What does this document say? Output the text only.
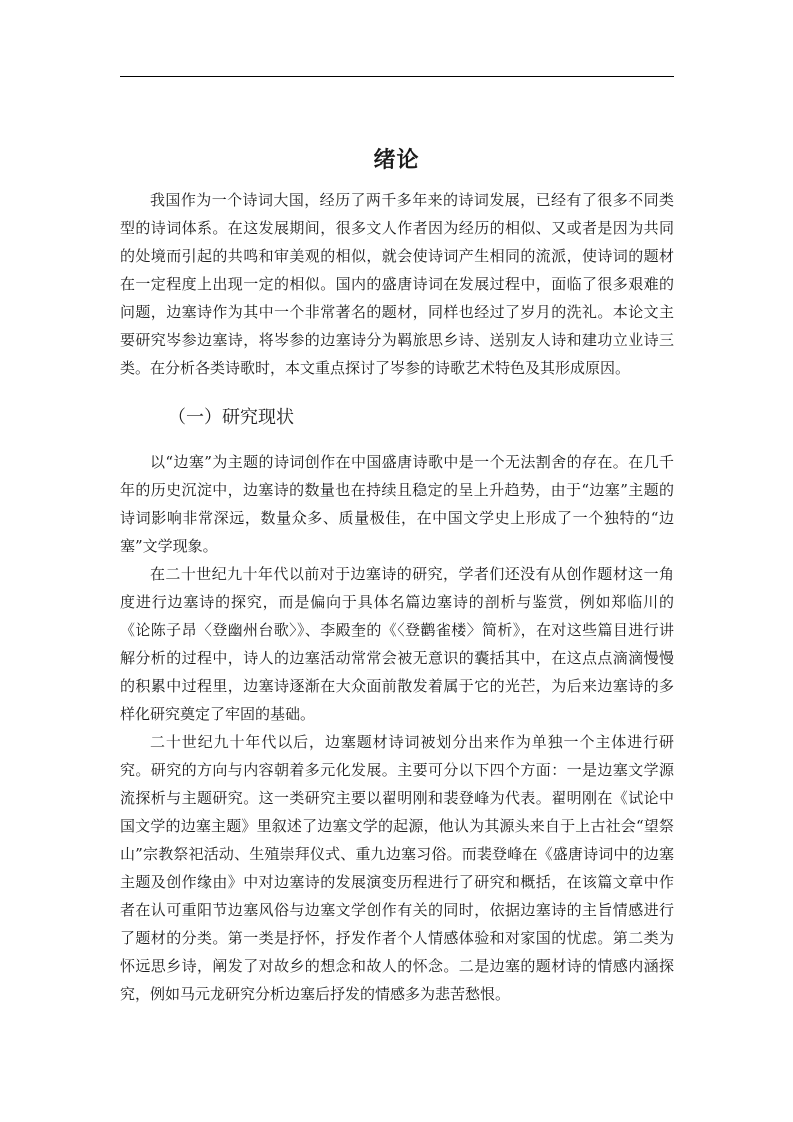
绪论

我国作为一个诗词大国，经历了两千多年来的诗词发展，已经有了很多不同类型的诗词体系。在这发展期间，很多文人作者因为经历的相似、又或者是因为共同的处境而引起的共鸣和审美观的相似，就会使诗词产生相同的流派，使诗词的题材在一定程度上出现一定的相似。国内的盛唐诗词在发展过程中，面临了很多艰难的问题，边塞诗作为其中一个非常著名的题材，同样也经过了岁月的洗礼。本论文主要研究岑参边塞诗，将岑参的边塞诗分为羁旅思乡诗、送别友人诗和建功立业诗三类。在分析各类诗歌时，本文重点探讨了岑参的诗歌艺术特色及其形成原因。

（一）研究现状

以“边塞”为主题的诗词创作在中国盛唐诗歌中是一个无法割舍的存在。在几千年的历史沉淀中，边塞诗的数量也在持续且稳定的呈上升趋势，由于“边塞”主题的诗词影响非常深远，数量众多、质量极佳，在中国文学史上形成了一个独特的“边塞”文学现象。

在二十世纪九十年代以前对于边塞诗的研究，学者们还没有从创作题材这一角度进行边塞诗的探究，而是偏向于具体名篇边塞诗的剖析与鉴赏，例如郑临川的《论陈子昂〈登幽州台歌〉》、李殿奎的《〈登鹳雀楼〉简析》，在对这些篇目进行讲解分析的过程中，诗人的边塞活动常常会被无意识的囊括其中，在这点点滴滴慢慢的积累中过程里，边塞诗逐渐在大众面前散发着属于它的光芒，为后来边塞诗的多样化研究奠定了牢固的基础。

二十世纪九十年代以后，边塞题材诗词被划分出来作为单独一个主体进行研究。研究的方向与内容朝着多元化发展。主要可分以下四个方面：一是边塞文学源流探析与主题研究。这一类研究主要以翟明刚和裴登峰为代表。翟明刚在《试论中国文学的边塞主题》里叙述了边塞文学的起源，他认为其源头来自于上古社会“望祭山”宗教祭祀活动、生殖崇拜仪式、重九边塞习俗。而裴登峰在《盛唐诗词中的边塞主题及创作缘由》中对边塞诗的发展演变历程进行了研究和概括，在该篇文章中作者在认可重阳节边塞风俗与边塞文学创作有关的同时，依据边塞诗的主旨情感进行了题材的分类。第一类是抒怀，抒发作者个人情感体验和对家国的忧虑。第二类为怀远思乡诗，阐发了对故乡的想念和故人的怀念。二是边塞的题材诗的情感内涵探究，例如马元龙研究分析边塞后抒发的情感多为悲苦愁恨。
